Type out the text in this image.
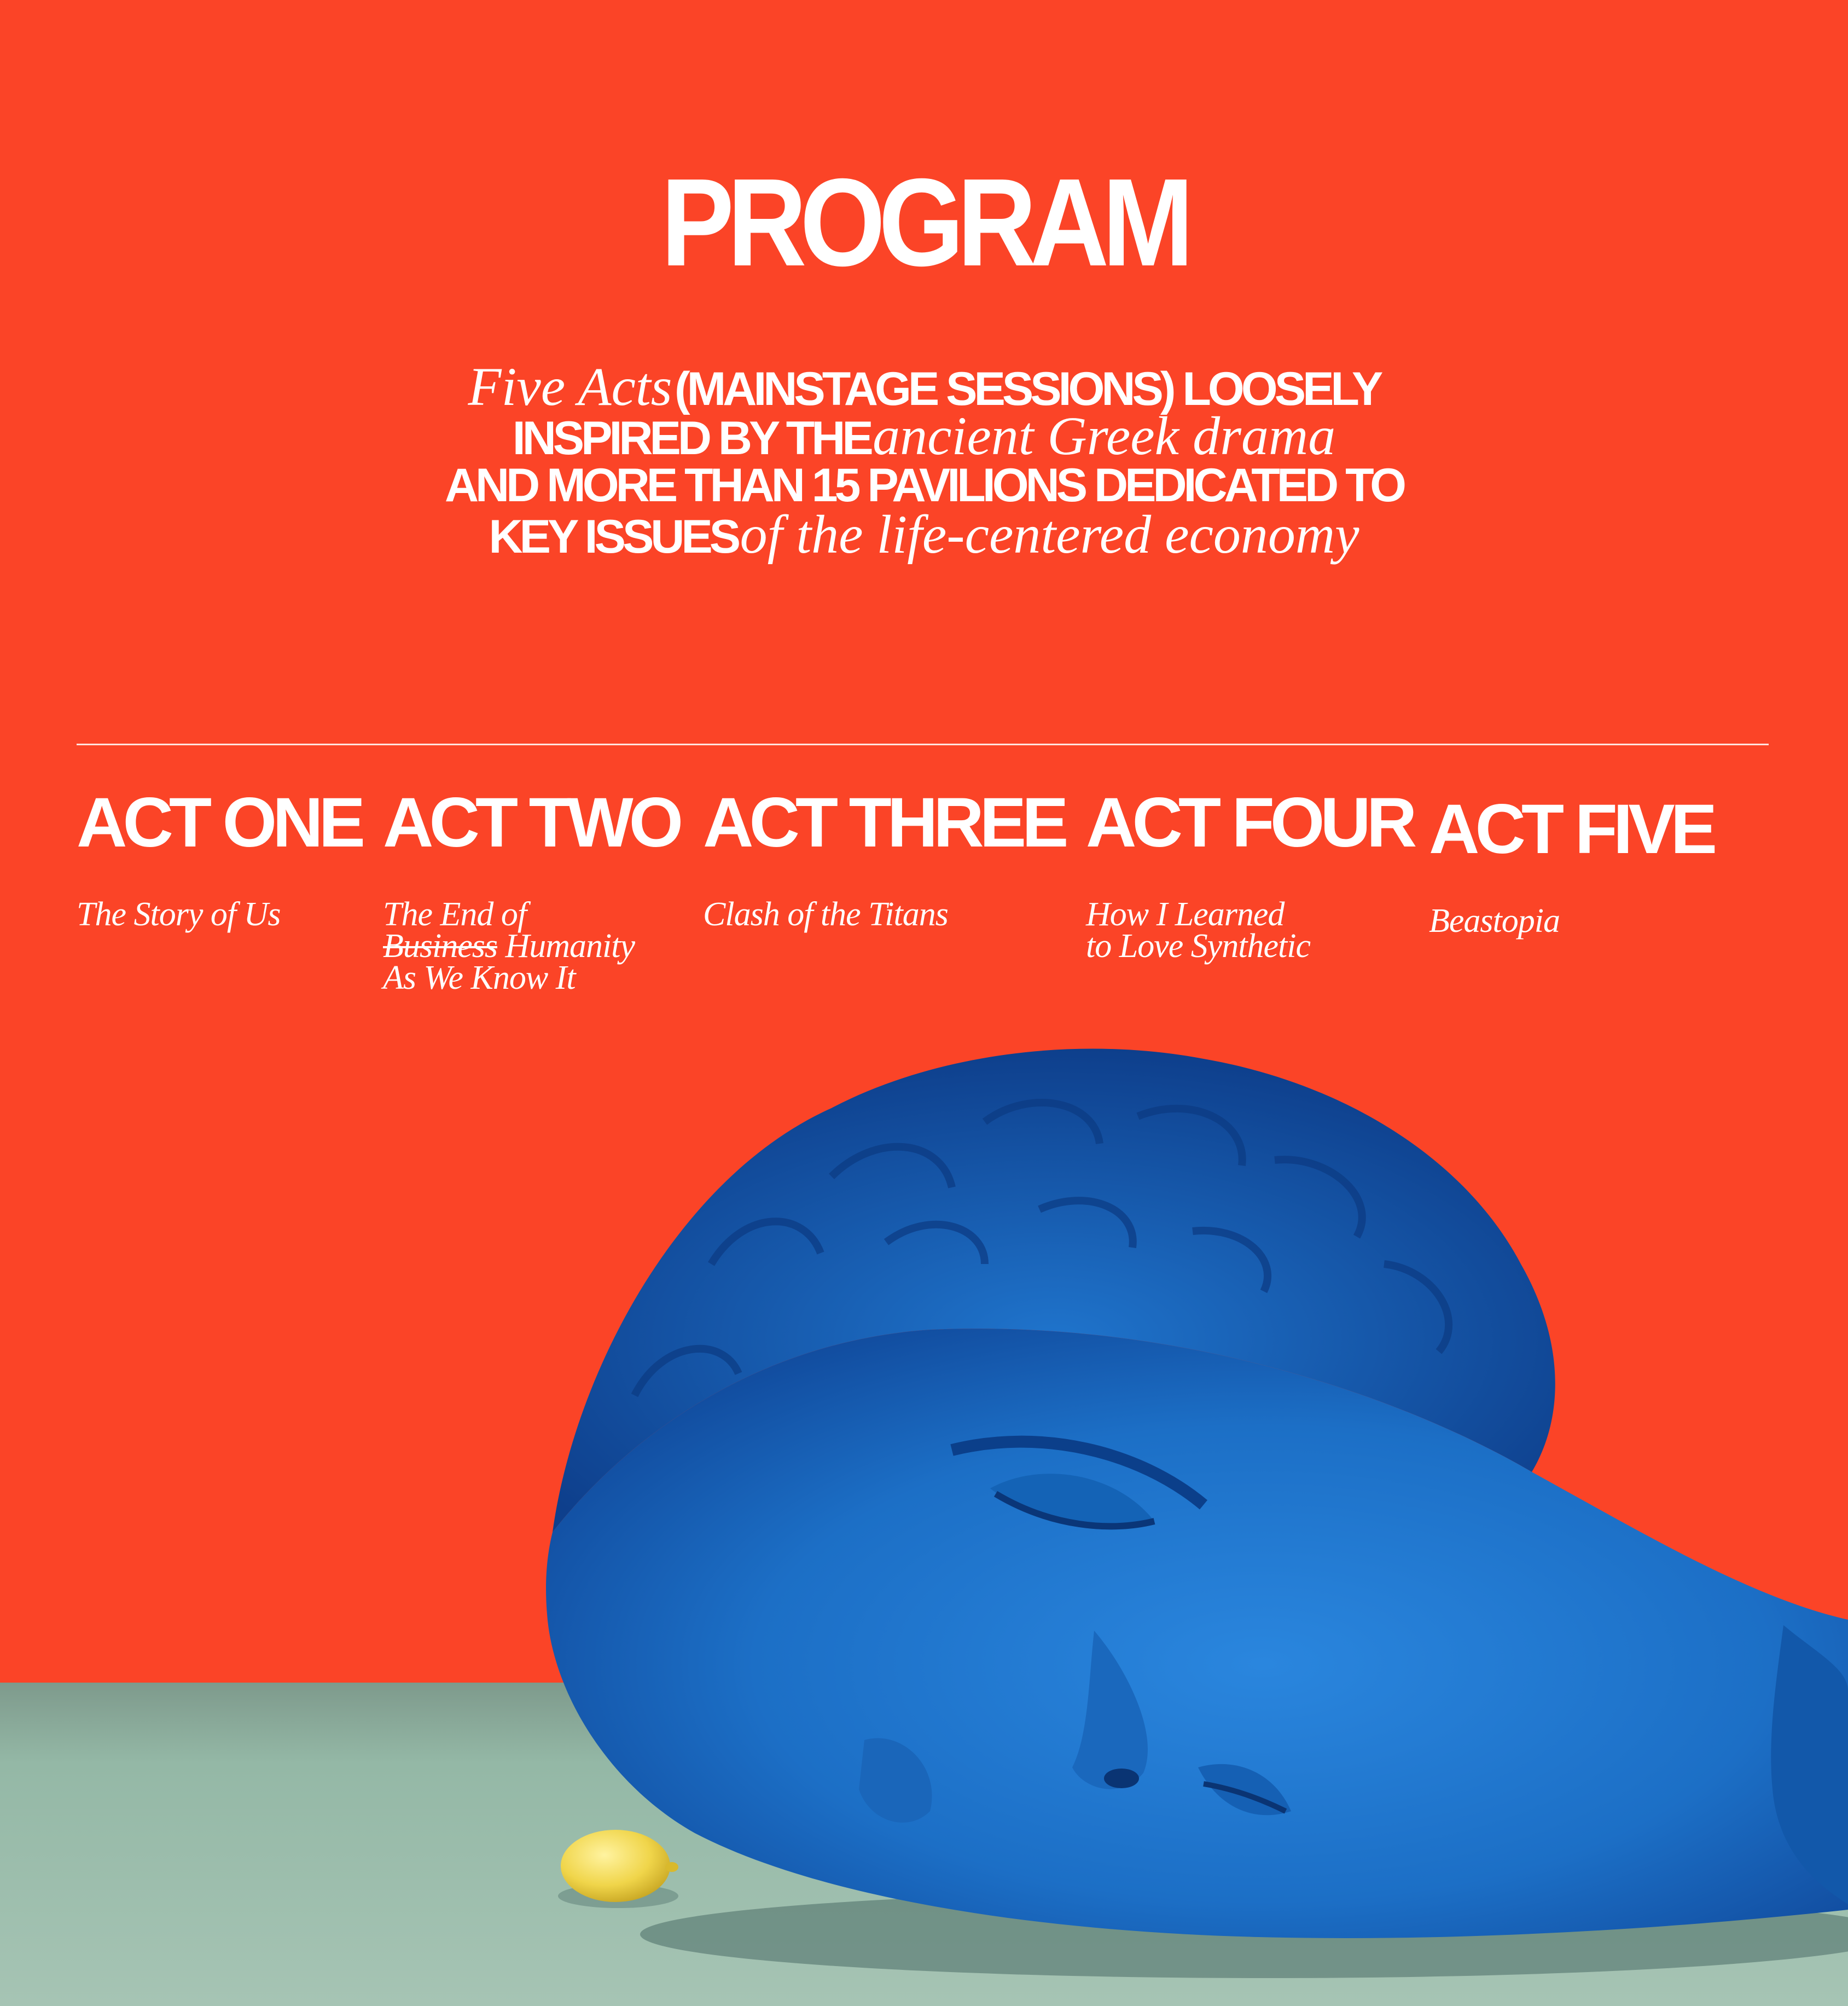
PROGRAM
Five Acts (MAINSTAGE SESSIONS) LOOSELY
INSPIRED BY THE ancient Greek drama
AND MORE THAN 15 PAVILIONS DEDICATED TO
KEY ISSUES of the life-centered economy
ACT ONE
The Story of Us
ACT TWO
The End of
Business Humanity
As We Know It
ACT THREE
Clash of the Titans
ACT FOUR
How I Learned
to Love Synthetic
ACT FIVE
Beastopia
